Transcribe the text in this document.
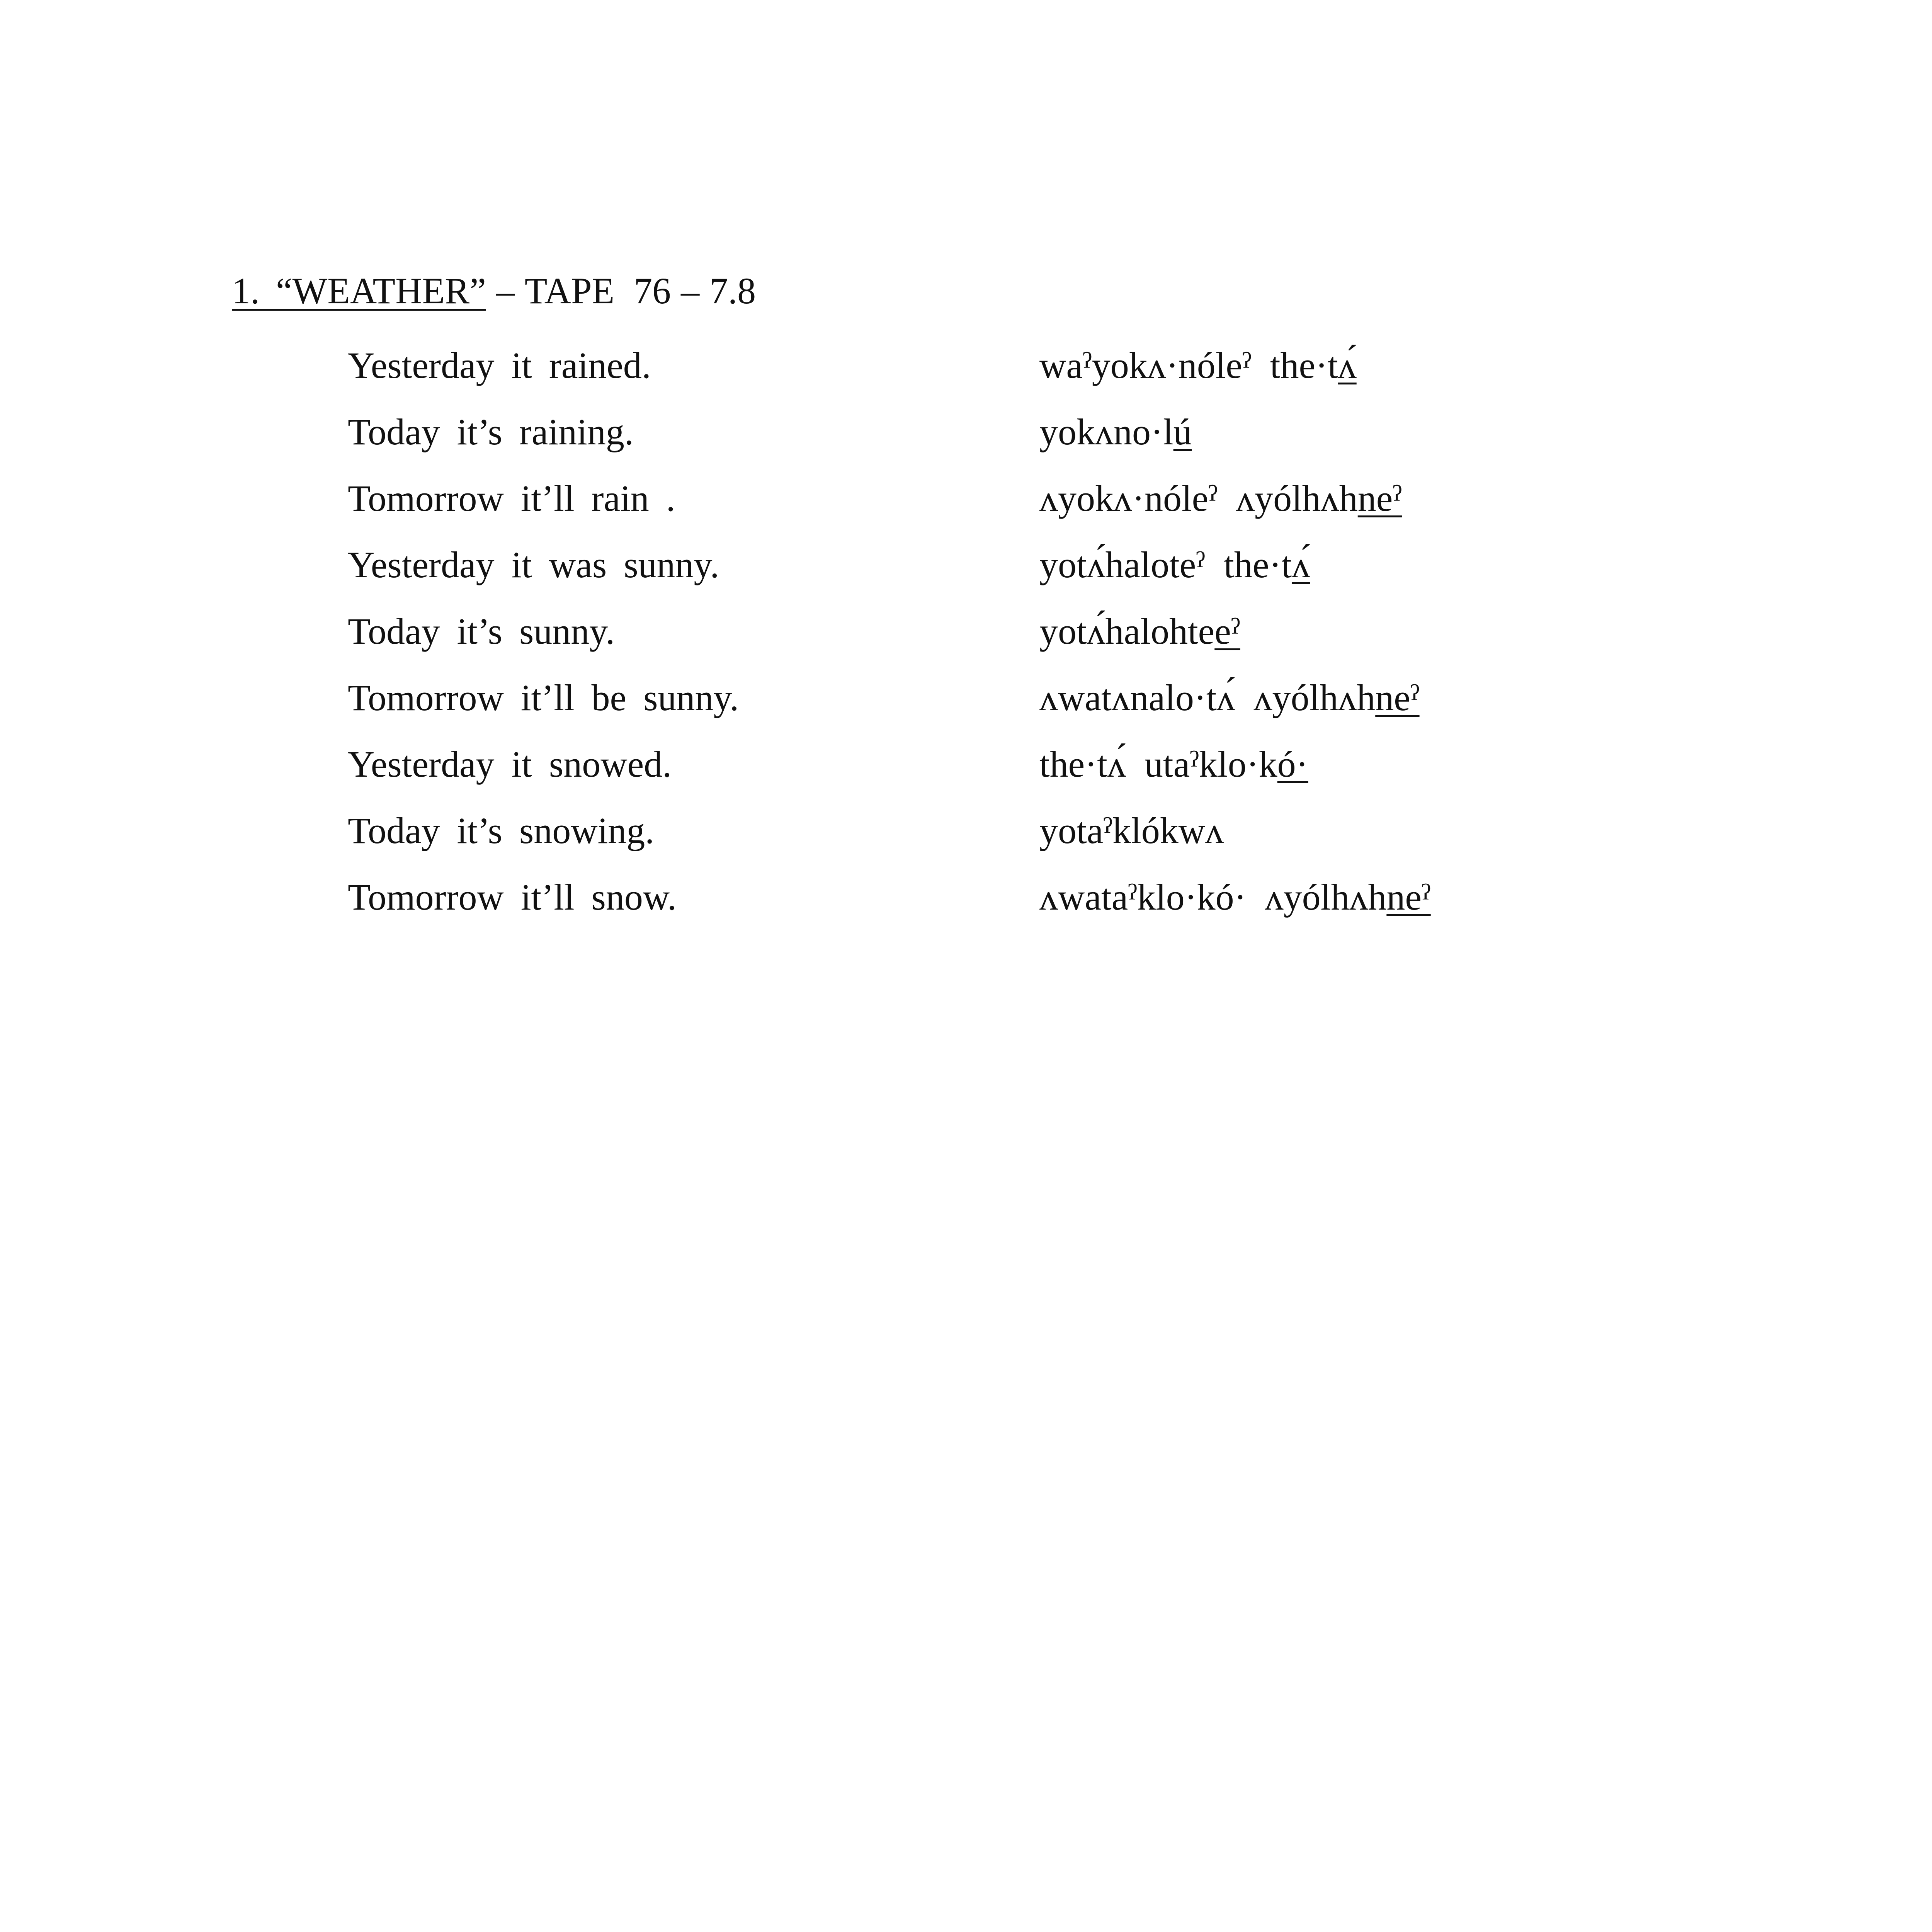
1. “WEATHER” – TAPE 76 – 7.8
Yesterday it rained.	waˀyokʌ·nóleˀ the·tʌ́
Today it’s raining.	yokʌno·lú
Tomorrow it’ll rain .	ʌyokʌ·nóleˀ ʌyólhʌhneˀ
Yesterday it was sunny.	yotʌ́haloteˀ the·tʌ́
Today it’s sunny.	yotʌ́halohteeˀ
Tomorrow it’ll be sunny.	ʌwatʌnalo·tʌ́ ʌyólhʌhneˀ
Yesterday it snowed.	the·tʌ́ utaˀklo·kó·
Today it’s snowing.	yotaˀklókwʌ
Tomorrow it’ll snow.	ʌwataˀklo·kó· ʌyólhʌhneˀ
